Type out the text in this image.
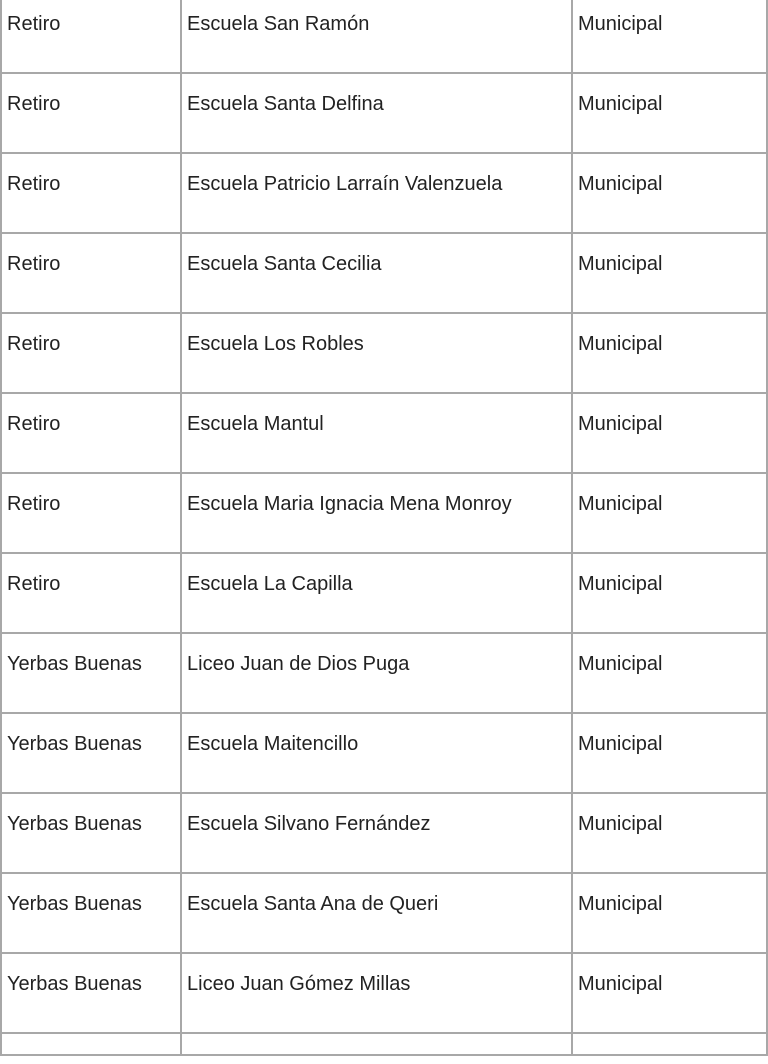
Retiro	Escuela San Ramón	Municipal

Retiro	Escuela Santa Delfina	Municipal

Retiro	Escuela Patricio Larraín Valenzuela	Municipal

Retiro	Escuela Santa Cecilia	Municipal

Retiro	Escuela Los Robles	Municipal

Retiro	Escuela Mantul	Municipal

Retiro	Escuela Maria Ignacia Mena Monroy	Municipal

Retiro	Escuela La Capilla	Municipal

Yerbas Buenas	Liceo Juan de Dios Puga	Municipal

Yerbas Buenas	Escuela Maitencillo	Municipal

Yerbas Buenas	Escuela Silvano Fernández	Municipal

Yerbas Buenas	Escuela Santa Ana de Queri	Municipal

Yerbas Buenas	Liceo Juan Gómez Millas	Municipal
